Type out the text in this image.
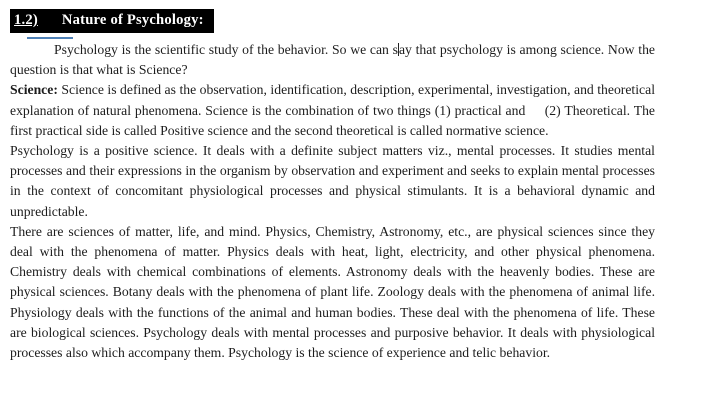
1.2) Nature of Psychology:

Psychology is the scientific study of the behavior. So we can say that psychology is among science. Now the question is that what is Science?

Science: Science is defined as the observation, identification, description, experimental, investigation, and theoretical explanation of natural phenomena. Science is the combination of two things (1) practical and     (2) Theoretical. The first practical side is called Positive science and the second theoretical is called normative science.

Psychology is a positive science. It deals with a definite subject matters viz., mental processes. It studies mental processes and their expressions in the organism by observation and experiment and seeks to explain mental processes in the context of concomitant physiological processes and physical stimulants. It is a behavioral dynamic and unpredictable.

There are sciences of matter, life, and mind. Physics, Chemistry, Astronomy, etc., are physical sciences since they deal with the phenomena of matter. Physics deals with heat, light, electricity, and other physical phenomena. Chemistry deals with chemical combinations of elements. Astronomy deals with the heavenly bodies. These are physical sciences. Botany deals with the phenomena of plant life. Zoology deals with the phenomena of animal life. Physiology deals with the functions of the animal and human bodies. These deal with the phenomena of life. These are biological sciences. Psychology deals with mental processes and purposive behavior. It deals with physiological processes also which accompany them. Psychology is the science of experience and telic behavior.
